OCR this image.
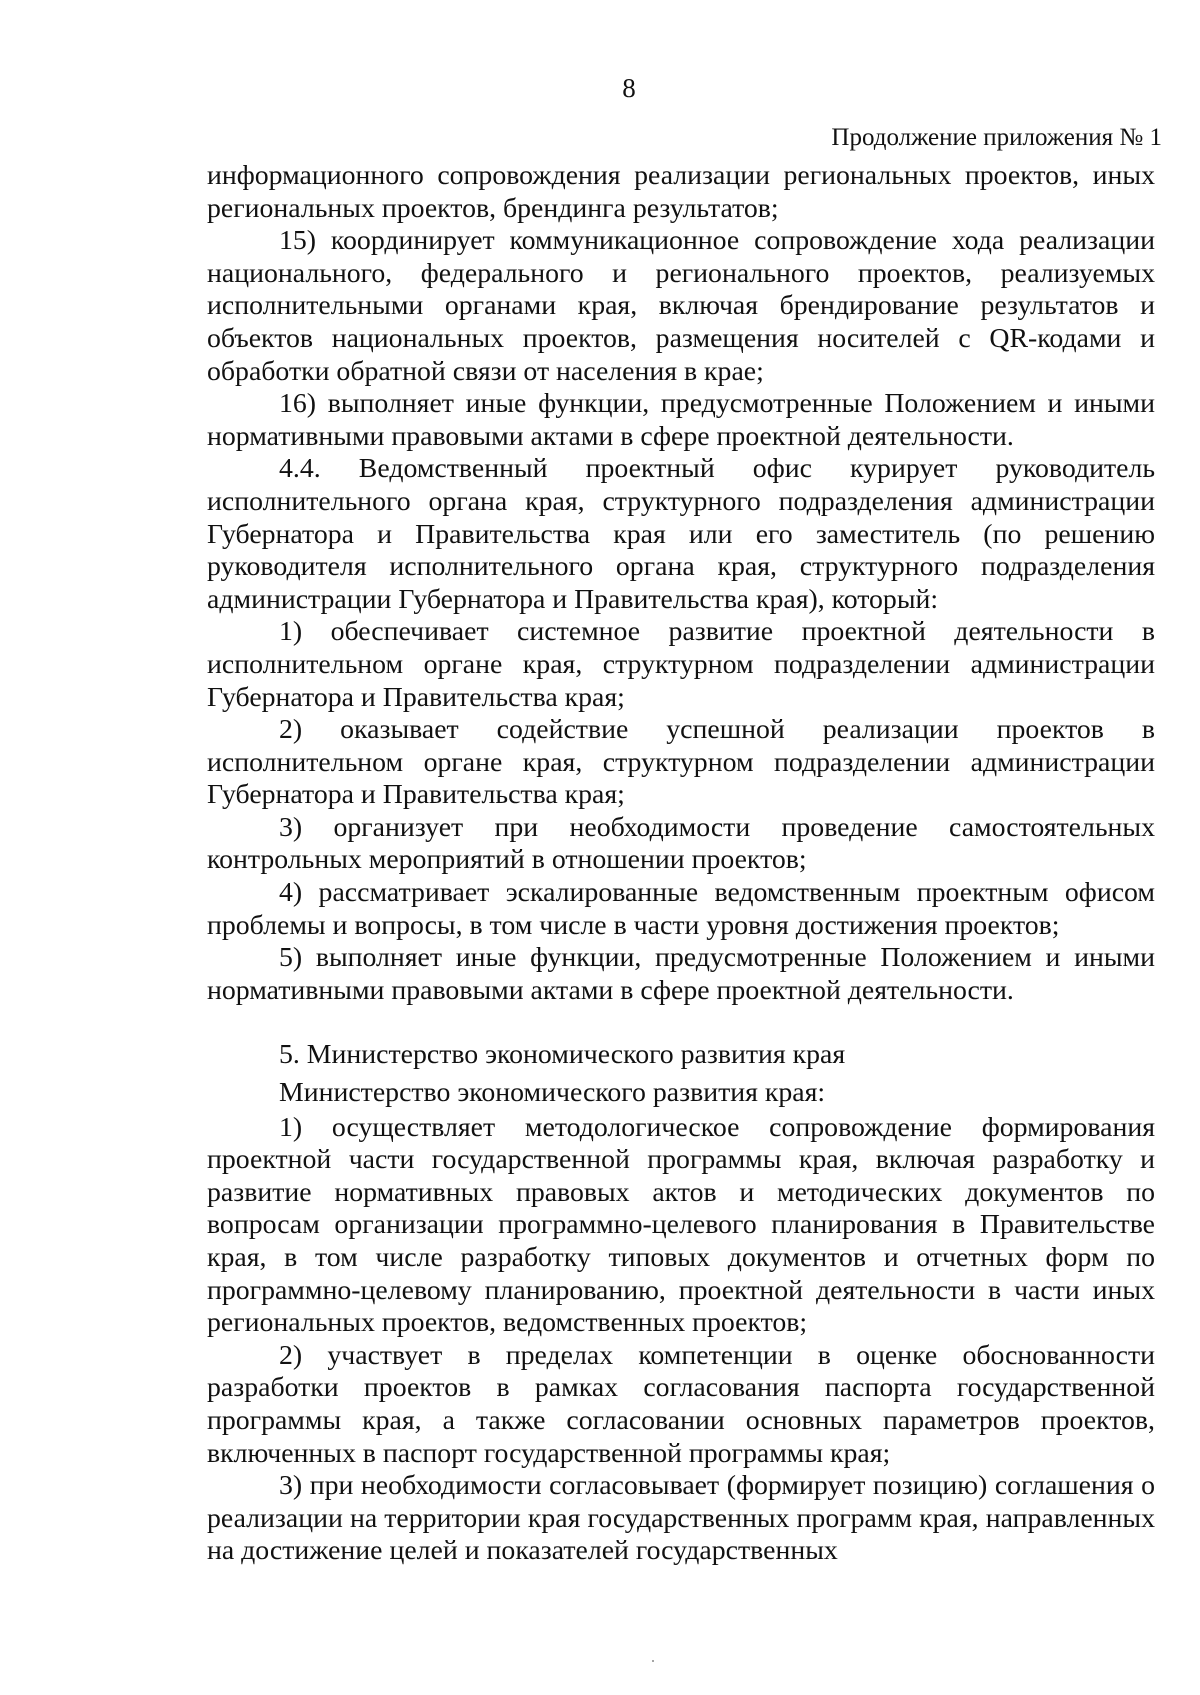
8
Продолжение приложения № 1

информационного сопровождения реализации региональных проектов, иных региональных проектов, брендинга результатов;

15) координирует коммуникационное сопровождение хода реализации национального, федерального и регионального проектов, реализуемых исполнительными органами края, включая брендирование результатов и объектов национальных проектов, размещения носителей с QR-кодами и обработки обратной связи от населения в крае;

16) выполняет иные функции, предусмотренные Положением и иными нормативными правовыми актами в сфере проектной деятельности.

4.4. Ведомственный проектный офис курирует руководитель исполнительного органа края, структурного подразделения администрации Губернатора и Правительства края или его заместитель (по решению руководителя исполнительного органа края, структурного подразделения администрации Губернатора и Правительства края), который:

1) обеспечивает системное развитие проектной деятельности в исполнительном органе края, структурном подразделении администрации Губернатора и Правительства края;

2) оказывает содействие успешной реализации проектов в исполнительном органе края, структурном подразделении администрации Губернатора и Правительства края;

3) организует при необходимости проведение самостоятельных контрольных мероприятий в отношении проектов;

4) рассматривает эскалированные ведомственным проектным офисом проблемы и вопросы, в том числе в части уровня достижения проектов;

5) выполняет иные функции, предусмотренные Положением и иными нормативными правовыми актами в сфере проектной деятельности.

5. Министерство экономического развития края

Министерство экономического развития края:

1) осуществляет методологическое сопровождение формирования проектной части государственной программы края, включая разработку и развитие нормативных правовых актов и методических документов по вопросам организации программно-целевого планирования в Правительстве края, в том числе разработку типовых документов и отчетных форм по программно-целевому планированию, проектной деятельности в части иных региональных проектов, ведомственных проектов;

2) участвует в пределах компетенции в оценке обоснованности разработки проектов в рамках согласования паспорта государственной программы края, а также согласовании основных параметров проектов, включенных в паспорт государственной программы края;

3) при необходимости согласовывает (формирует позицию) соглашения о реализации на территории края государственных программ края, направленных на достижение целей и показателей государственных
